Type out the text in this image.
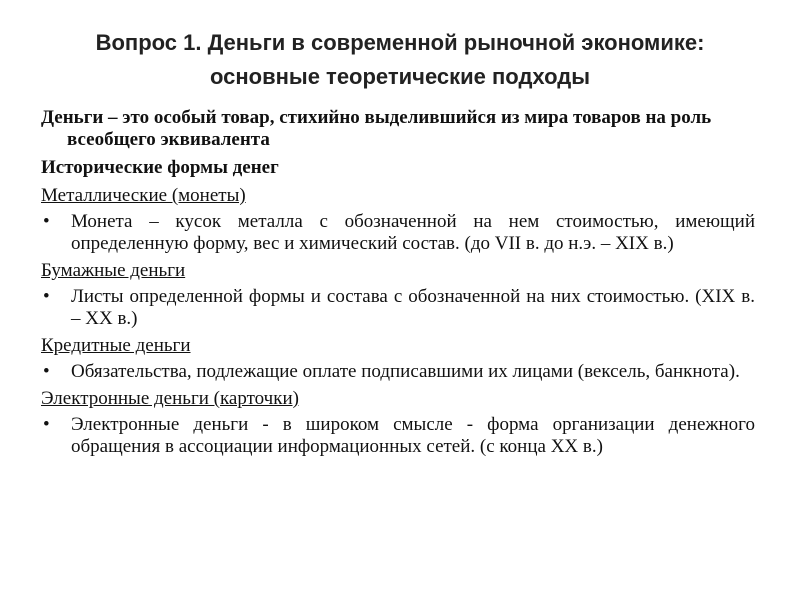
Вопрос 1. Деньги в современной рыночной экономике:
основные теоретические подходы
Деньги – это особый товар, стихийно выделившийся из мира товаров на роль всеобщего эквивалента
Исторические формы денег
Металлические (монеты)
• Монета – кусок металла с обозначенной на нем стоимостью, имеющий определенную форму, вес и химический состав. (до VII в. до н.э. – XIX в.)
Бумажные деньги
• Листы определенной формы и состава с обозначенной на них стоимостью. (XIX в. – XX в.)
Кредитные деньги
• Обязательства, подлежащие оплате подписавшими их лицами (вексель, банкнота).
Электронные деньги (карточки)
• Электронные деньги - в широком смысле - форма организации денежного обращения в ассоциации информационных сетей. (с конца XX в.)
